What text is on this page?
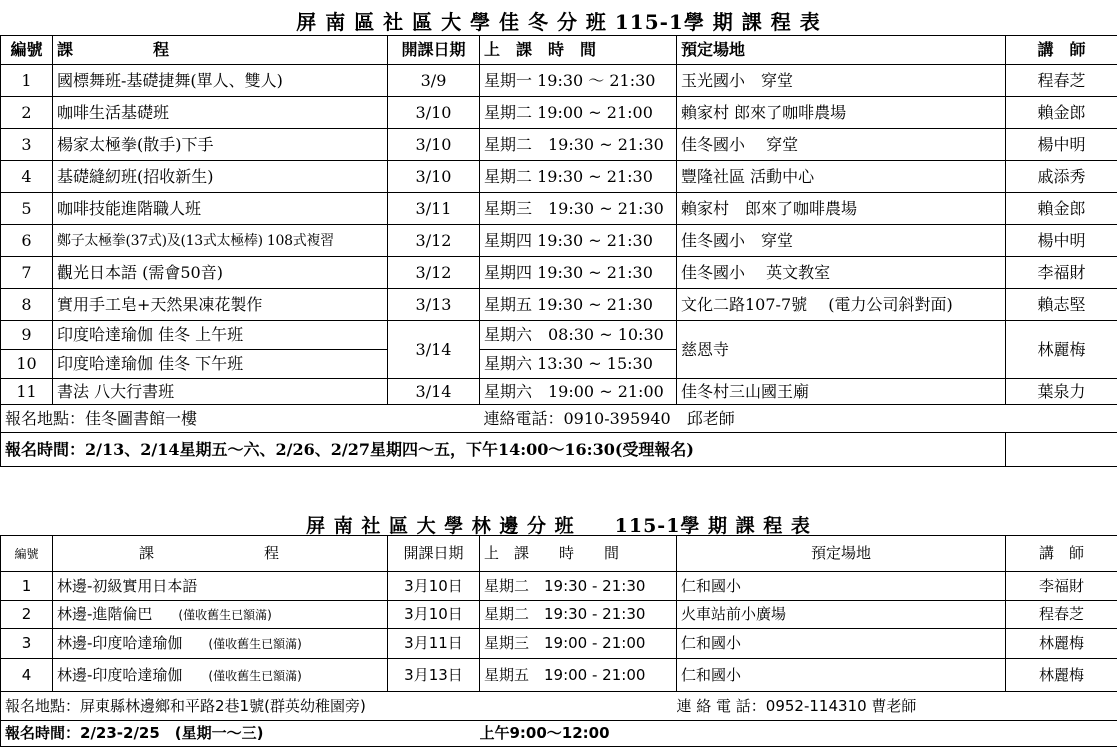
屏 南 區 社 區 大 學 佳 冬 分 班 115-1學 期 課 程 表
編號	課 程	開課日期	上　課　時　間	預定場地	講　師
1	國標舞班-基礎捷舞(單人、雙人)	3/9	星期一 19:30 ～ 21:30	玉光國小　穿堂	程春芝
2	咖啡生活基礎班	3/10	星期二 19:00 ~ 21:00	賴家村 郎來了咖啡農場	賴金郎
3	楊家太極拳(散手)下手	3/10	星期二　19:30 ~ 21:30	佳冬國小　 穿堂	楊中明
4	基礎縫紉班(招收新生)	3/10	星期二 19:30 ~ 21:30	豐隆社區 活動中心	戚添秀
5	咖啡技能進階職人班	3/11	星期三　19:30 ~ 21:30	賴家村　郎來了咖啡農場	賴金郎
6	鄭子太極拳(37式)及(13式太極棒) 108式複習	3/12	星期四 19:30 ~ 21:30	佳冬國小　穿堂	楊中明
7	觀光日本語 (需會50音)	3/12	星期四 19:30 ~ 21:30	佳冬國小　 英文教室	李福財
8	實用手工皂+天然果凍花製作	3/13	星期五 19:30 ~ 21:30	文化二路107-7號　 (電力公司斜對面)	賴志堅
9	印度哈達瑜伽 佳冬 上午班	3/14	星期六　08:30 ~ 10:30	慈恩寺	林麗梅
10	印度哈達瑜伽 佳冬 下午班		星期六 13:30 ~ 15:30		
11	書法 八大行書班	3/14	星期六　19:00 ~ 21:00	佳冬村三山國王廟	葉泉力
報名地點：佳冬圖書館一樓			連絡電話：0910-395940　邱老師		
報名時間：2/13、2/14星期五～六、2/26、2/27星期四～五，下午14:00～16:30(受理報名)					
屏 南 社 區 大 學 林 邊 分 班　　115-1學 期 課 程 表
編號	課 程	開課日期	上　課　　時　　間	預定場地	講　師
1	林邊-初級實用日本語	3月10日	星期二　19:30 - 21:30	仁和國小	李福財
2	林邊-進階倫巴 (僅收舊生已額滿)	3月10日	星期二　19:30 - 21:30	火車站前小廣場	程春芝
3	林邊-印度哈達瑜伽 (僅收舊生已額滿)	3月11日	星期三　19:00 - 21:00	仁和國小	林麗梅
4	林邊-印度哈達瑜伽 (僅收舊生已額滿)	3月13日	星期五　19:00 - 21:00	仁和國小	林麗梅
報名地點：屏東縣林邊鄉和平路2巷1號(群英幼稚園旁)				連 絡 電 話：0952-114310 曹老師	
報名時間：2/23-2/25　(星期一～三)			上午9:00～12:00		
